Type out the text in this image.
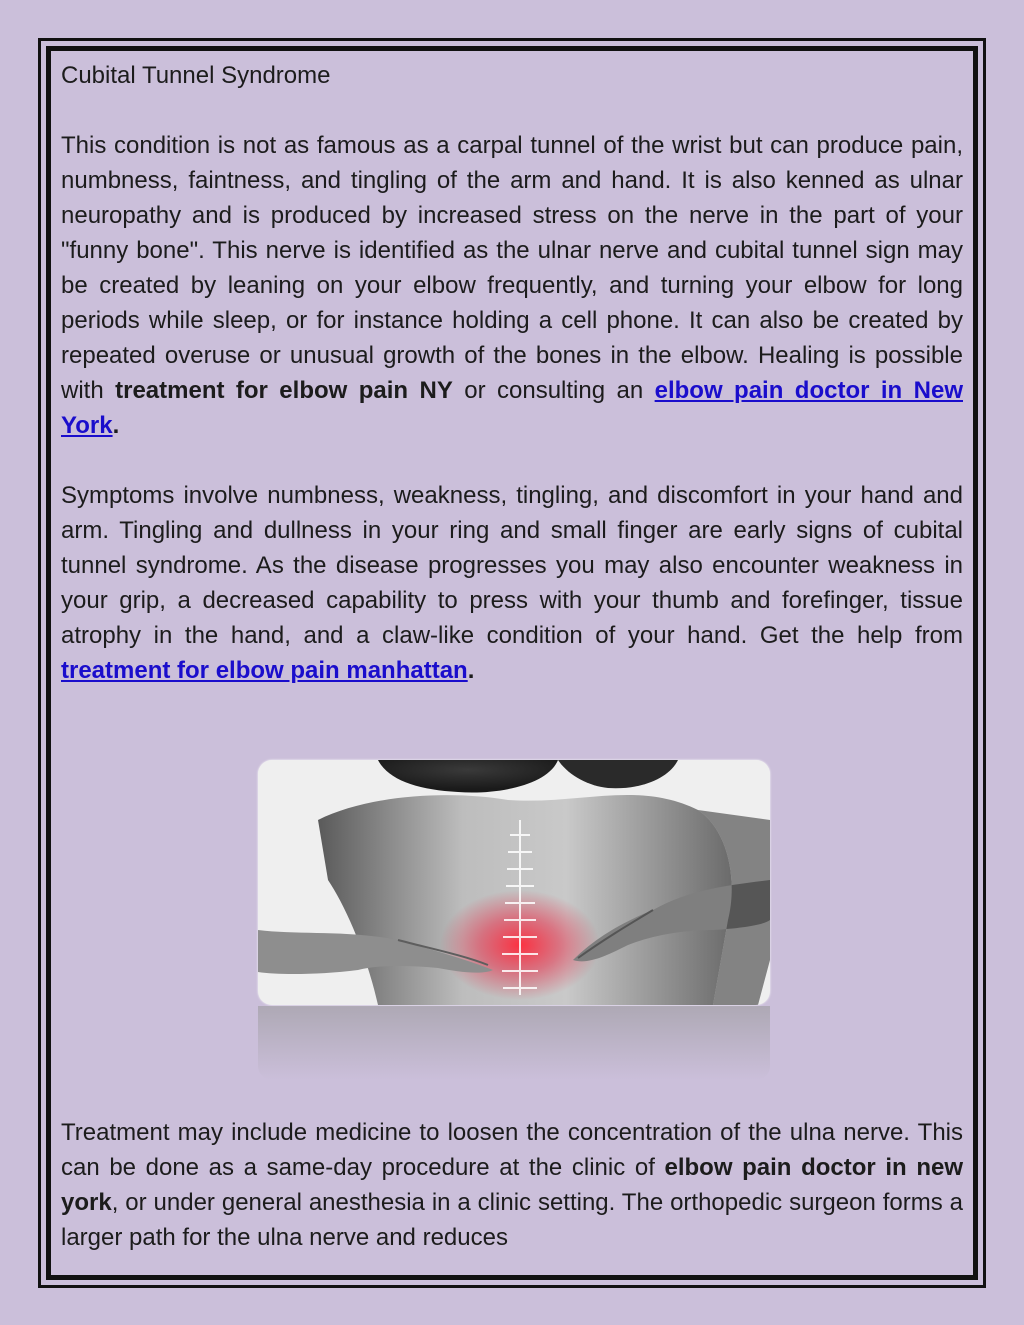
Cubital Tunnel Syndrome

This condition is not as famous as a carpal tunnel of the wrist but can produce pain, numbness, faintness, and tingling of the arm and hand. It is also kenned as ulnar neuropathy and is produced by increased stress on the nerve in the part of your "funny bone". This nerve is identified as the ulnar nerve and cubital tunnel sign may be created by leaning on your elbow frequently, and turning your elbow for long periods while sleep, or for instance holding a cell phone. It can also be created by repeated overuse or unusual growth of the bones in the elbow. Healing is possible with treatment for elbow pain NY or consulting an elbow pain doctor in New York.

Symptoms involve numbness, weakness, tingling, and discomfort in your hand and arm. Tingling and dullness in your ring and small finger are early signs of cubital tunnel syndrome. As the disease progresses you may also encounter weakness in your grip, a decreased capability to press with your thumb and forefinger, tissue atrophy in the hand, and a claw-like condition of your hand. Get the help from treatment for elbow pain manhattan.

Treatment may include medicine to loosen the concentration of the ulna nerve. This can be done as a same-day procedure at the clinic of elbow pain doctor in new york, or under general anesthesia in a clinic setting. The orthopedic surgeon forms a larger path for the ulna nerve and reduces
